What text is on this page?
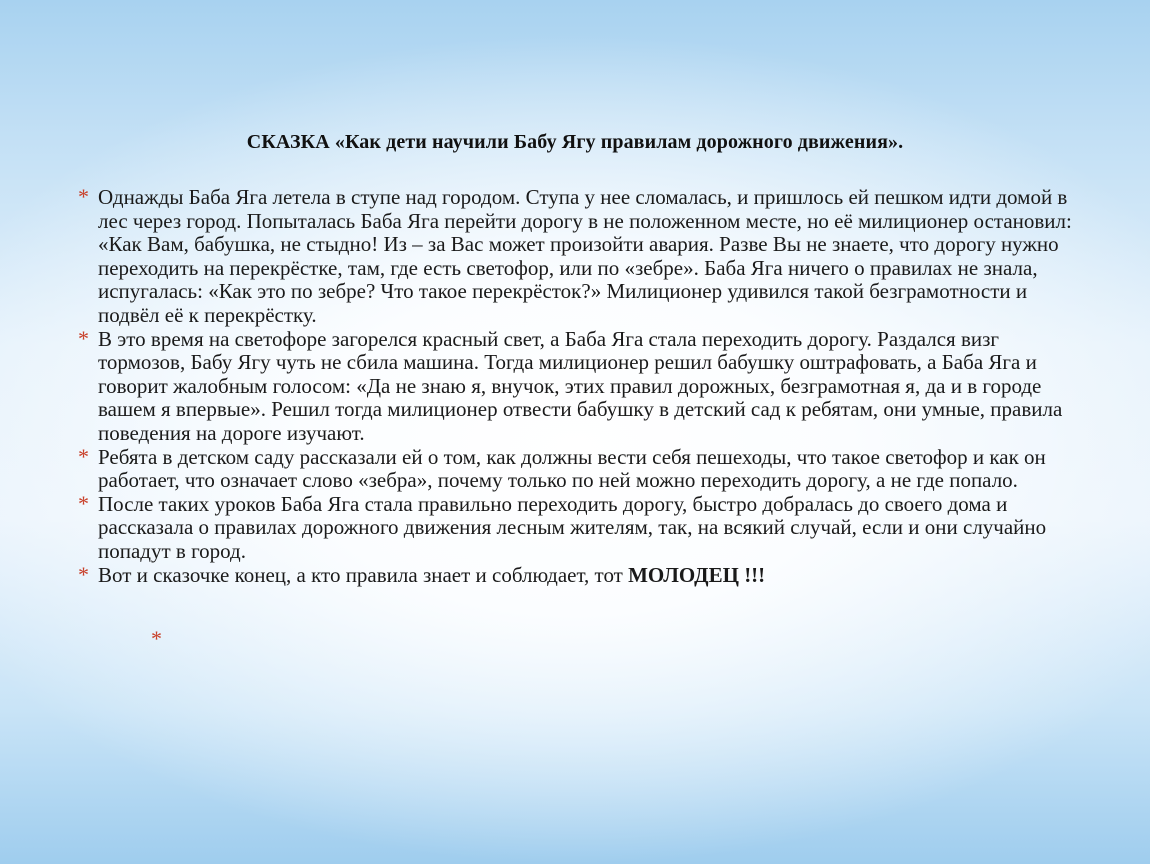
СКАЗКА «Как дети научили Бабу Ягу правилам дорожного движения».
* Однажды Баба Яга летела в ступе над городом. Ступа у нее сломалась, и пришлось ей пешком идти домой в лес через город. Попыталась Баба Яга перейти дорогу в не положенном месте, но её милиционер остановил: «Как Вам, бабушка, не стыдно! Из – за Вас может произойти авария. Разве Вы не знаете, что дорогу нужно переходить на перекрёстке, там, где есть светофор, или по «зебре». Баба Яга ничего о правилах не знала, испугалась: «Как это по зебре? Что такое перекрёсток?» Милиционер удивился такой безграмотности и подвёл её к перекрёстку.
* В это время на светофоре загорелся красный свет, а Баба Яга стала переходить дорогу. Раздался визг тормозов, Бабу Ягу чуть не сбила машина. Тогда милиционер решил бабушку оштрафовать, а Баба Яга и говорит жалобным голосом: «Да не знаю я, внучок, этих правил дорожных, безграмотная я, да и в городе вашем я впервые». Решил тогда милиционер отвести бабушку в детский сад к ребятам, они умные, правила поведения на дороге изучают.
* Ребята в детском саду рассказали ей о том, как должны вести себя пешеходы, что такое светофор и как он работает, что означает слово «зебра», почему только по ней можно переходить дорогу, а не где попало.
* После таких уроков Баба Яга стала правильно переходить дорогу, быстро добралась до своего дома и рассказала о правилах дорожного движения лесным жителям, так, на всякий случай, если и они случайно попадут в город.
* Вот и сказочке конец, а кто правила знает и соблюдает, тот МОЛОДЕЦ !!!
*
